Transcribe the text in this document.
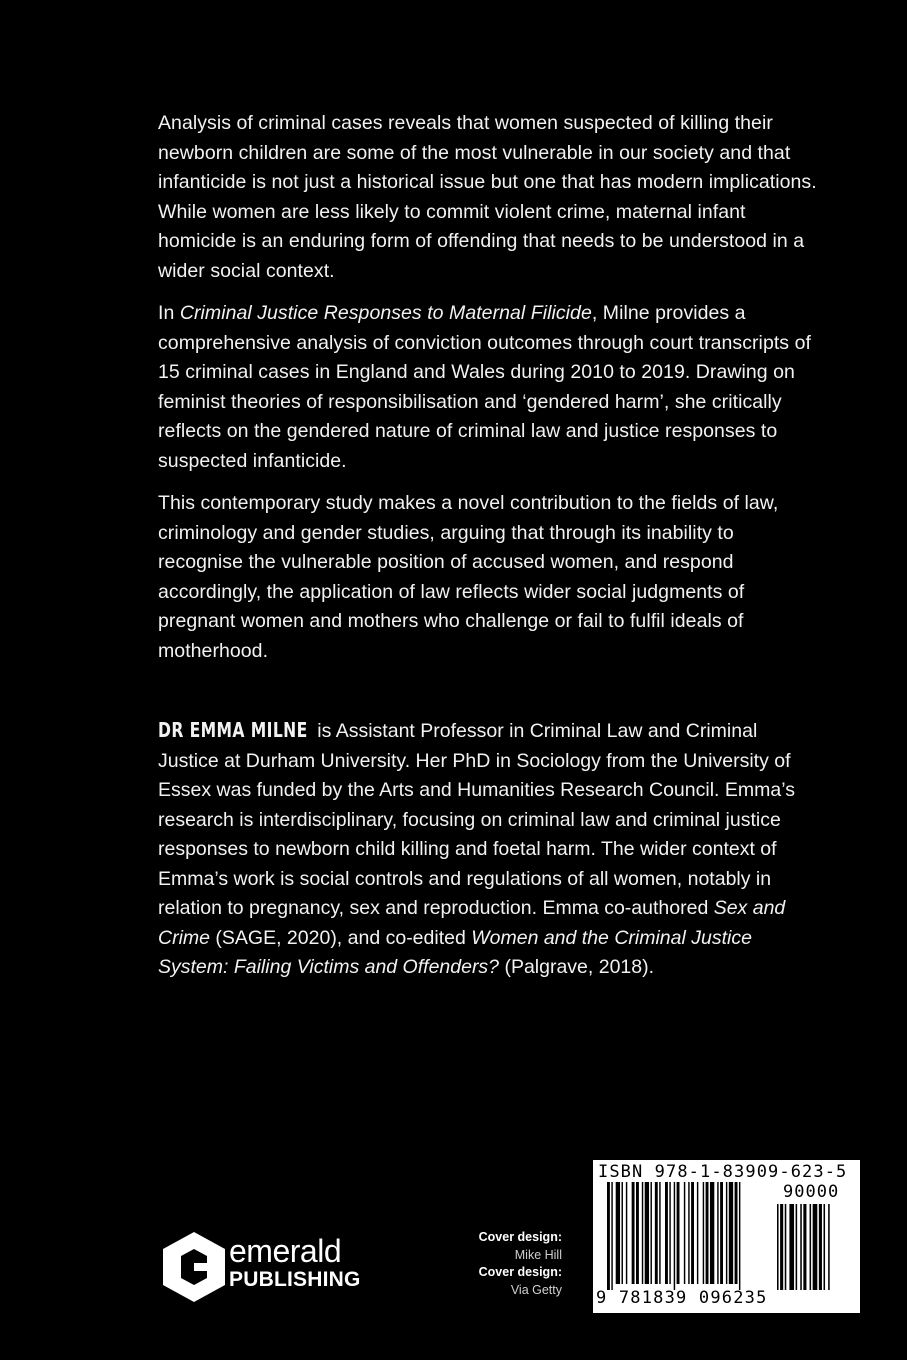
Analysis of criminal cases reveals that women suspected of killing their newborn children are some of the most vulnerable in our society and that infanticide is not just a historical issue but one that has modern implications. While women are less likely to commit violent crime, maternal infant homicide is an enduring form of offending that needs to be understood in a wider social context.

In Criminal Justice Responses to Maternal Filicide, Milne provides a comprehensive analysis of conviction outcomes through court transcripts of 15 criminal cases in England and Wales during 2010 to 2019. Drawing on feminist theories of responsibilisation and ‘gendered harm’, she critically reflects on the gendered nature of criminal law and justice responses to suspected infanticide.

This contemporary study makes a novel contribution to the fields of law, criminology and gender studies, arguing that through its inability to recognise the vulnerable position of accused women, and respond accordingly, the application of law reflects wider social judgments of pregnant women and mothers who challenge or fail to fulfil ideals of motherhood.

DR EMMA MILNE is Assistant Professor in Criminal Law and Criminal Justice at Durham University. Her PhD in Sociology from the University of Essex was funded by the Arts and Humanities Research Council. Emma’s research is interdisciplinary, focusing on criminal law and criminal justice responses to newborn child killing and foetal harm. The wider context of Emma’s work is social controls and regulations of all women, notably in relation to pregnancy, sex and reproduction. Emma co-authored Sex and Crime (SAGE, 2020), and co-edited Women and the Criminal Justice System: Failing Victims and Offenders? (Palgrave, 2018).

emerald
PUBLISHING
Cover design:
Mike Hill
Cover design:
Via Getty
ISBN 978-1-83909-623-5
90000
9 781839 096235
